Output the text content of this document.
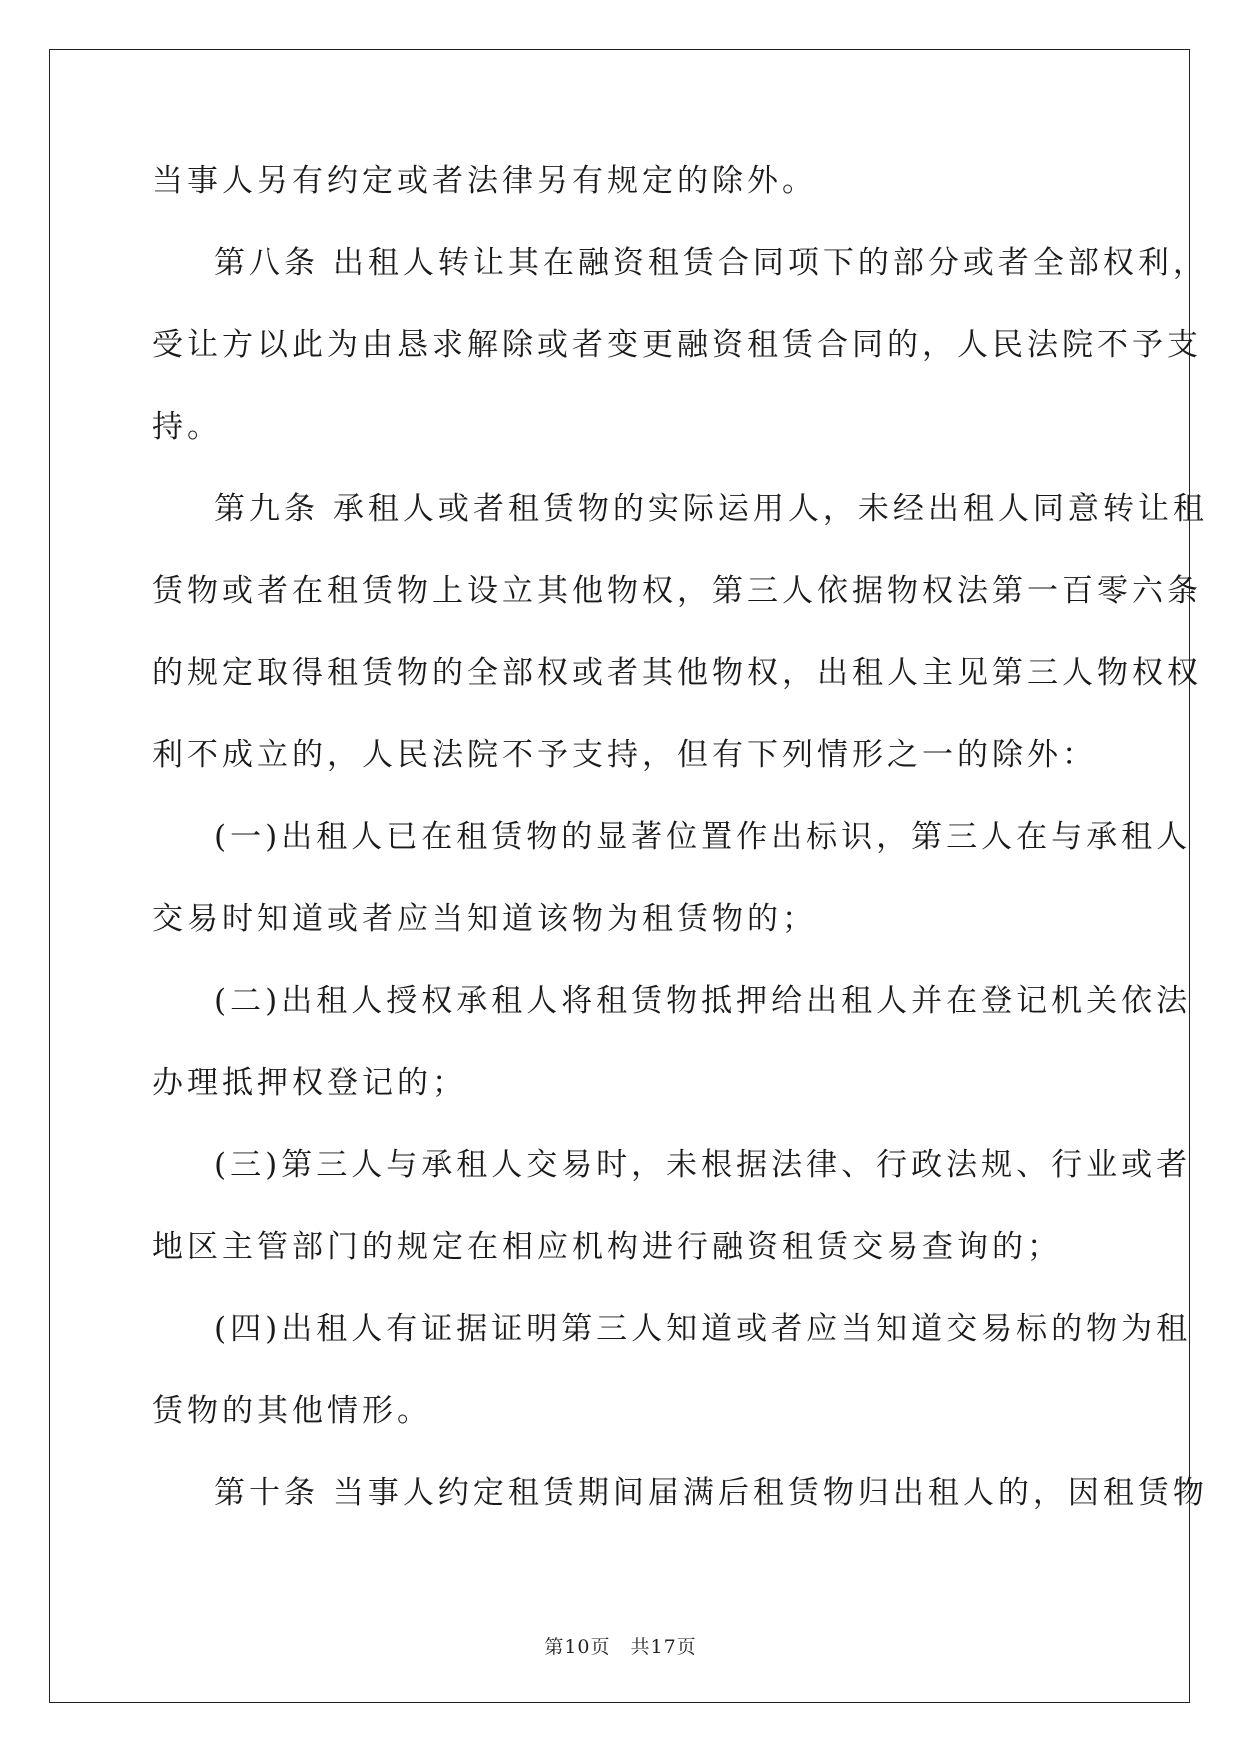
当事人另有约定或者法律另有规定的除外。
第八条 出租人转让其在融资租赁合同项下的部分或者全部权利，
受让方以此为由恳求解除或者变更融资租赁合同的，人民法院不予支
持。
第九条 承租人或者租赁物的实际运用人，未经出租人同意转让租
赁物或者在租赁物上设立其他物权，第三人依据物权法第一百零六条
的规定取得租赁物的全部权或者其他物权，出租人主见第三人物权权
利不成立的，人民法院不予支持，但有下列情形之一的除外：
(一)出租人已在租赁物的显著位置作出标识，第三人在与承租人
交易时知道或者应当知道该物为租赁物的；
(二)出租人授权承租人将租赁物抵押给出租人并在登记机关依法
办理抵押权登记的；
(三)第三人与承租人交易时，未根据法律、行政法规、行业或者
地区主管部门的规定在相应机构进行融资租赁交易查询的；
(四)出租人有证据证明第三人知道或者应当知道交易标的物为租
赁物的其他情形。
第十条 当事人约定租赁期间届满后租赁物归出租人的，因租赁物
第10页 共17页
